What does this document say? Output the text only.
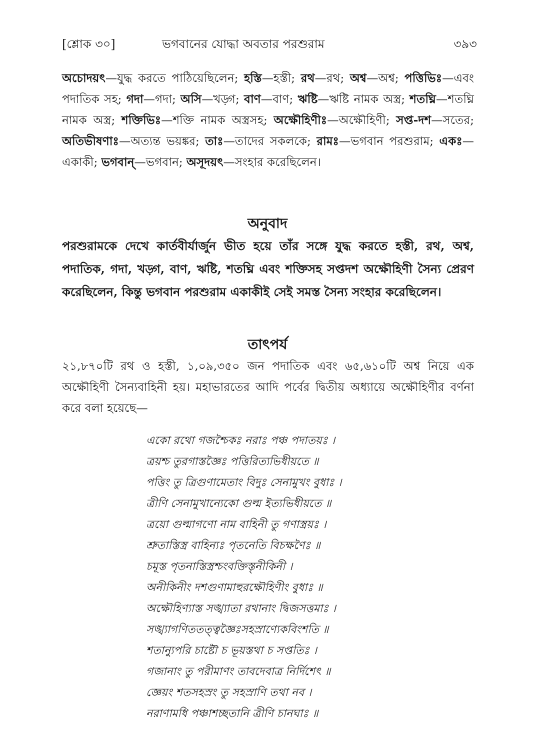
[শ্লোক ৩০]	ভগবানের যোদ্ধা অবতার পরশুরাম	৩৯৩
অচোদয়ৎ—যুদ্ধ করতে পাঠিয়েছিলেন; হস্তি—হস্তী; রথ—রথ; অশ্ব—অশ্ব; পত্তিভিঃ—এবং পদাতিক সহ; গদা—গদা; অসি—খড়্গ; বাণ—বাণ; ঋষ্টি—ঋষ্টি নামক অস্ত্র; শতঘ্নি—শতঘ্নি নামক অস্ত্র; শক্তিভিঃ—শক্তি নামক অস্ত্রসহ; অক্ষৌহিণীঃ—অক্ষৌহিণী; সপ্ত-দশ—সতের; অতিভীষণাঃ—অত্যন্ত ভয়ঙ্কর; তাঃ—তাদের সকলকে; রামঃ—ভগবান পরশুরাম; একঃ—একাকী; ভগবান্—ভগবান; অসূদয়ৎ—সংহার করেছিলেন।
অনুবাদ
পরশুরামকে দেখে কার্তবীর্যার্জুন ভীত হয়ে তাঁর সঙ্গে যুদ্ধ করতে হস্তী, রথ, অশ্ব, পদাতিক, গদা, খড়্গ, বাণ, ঋষ্টি, শতঘ্নি এবং শক্তিসহ সপ্তদশ অক্ষৌহিণী সৈন্য প্রেরণ করেছিলেন, কিন্তু ভগবান পরশুরাম একাকীই সেই সমস্ত সৈন্য সংহার করেছিলেন।
তাৎপর্য
২১,৮৭০টি রথ ও হস্তী, ১,০৯,৩৫০ জন পদাতিক এবং ৬৫,৬১০টি অশ্ব নিয়ে এক অক্ষৌহিণী সৈন্যবাহিনী হয়। মহাভারতের আদি পর্বের দ্বিতীয় অধ্যায়ে অক্ষৌহিণীর বর্ণনা করে বলা হয়েছে—
একো রথো গজশ্চৈকঃ নরাঃ পঞ্চ পদাতয়ঃ ।
ত্রয়শ্চ তুরগাস্তজ্ঞৈঃ পত্তিরিত্যভিধীয়তে ॥
পত্তিং তু ত্রিগুণামেতাং বিদুঃ সেনামুখং বুধাঃ ।
ত্রীণি সেনামুখান্যেকো গুল্ম ইত্যভিধীয়তে ॥
ত্রয়ো গুল্মাগণো নাম বাহিনী তু গণাস্ত্রয়ঃ ।
শ্রুতাস্তিস্ত্র বাহিন্যঃ পৃতনেতি বিচক্ষণৈঃ ॥
চমূস্ত পৃতনাস্তিস্ত্রশ্চংবক্তিস্তৃনীকিনী ।
অনীকিনীং দশগুণামাহুরক্ষৌহিণীং বুধাঃ ॥
অক্ষৌহিণ্যাস্ত সঙ্খ্যাতা রথানাং দ্বিজসত্তমাঃ ।
সঙ্খ্যাগণিততত্ত্বজ্ঞৈঃসহস্রাণ্যেকবিংশতি ॥
শতান্যুপরি চাষ্টৌ চ ভূয়স্তথা চ সপ্ততিঃ ।
গজানাং তু পরীমাণং তাবদেবাত্র নির্দিশেৎ ॥
জ্ঞেয়ং শতসহস্রং তু সহস্রাণি তথা নব ।
নরাণামধি পঞ্চাশচ্ছতানি ত্রীণি চানঘাঃ ॥
